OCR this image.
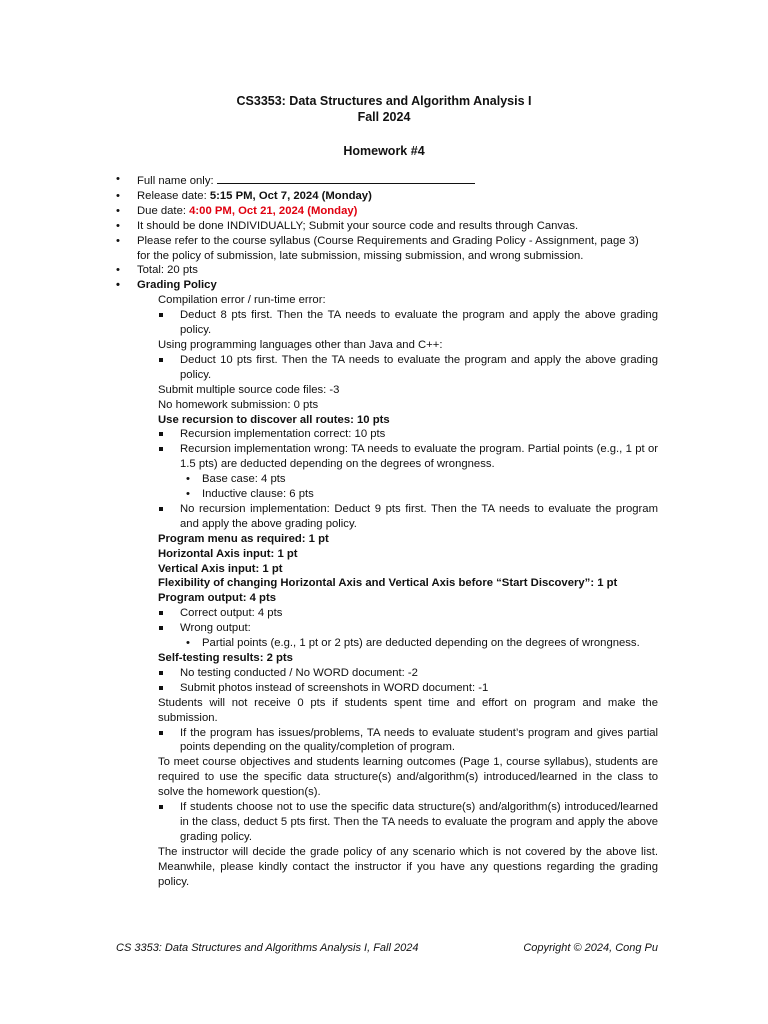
CS3353: Data Structures and Algorithm Analysis I
Fall 2024
Homework #4
• Full name only:
• Release date: 5:15 PM, Oct 7, 2024 (Monday)
• Due date: 4:00 PM, Oct 21, 2024 (Monday)
• It should be done INDIVIDUALLY; Submit your source code and results through Canvas.
• Please refer to the course syllabus (Course Requirements and Grading Policy - Assignment, page 3)
for the policy of submission, late submission, missing submission, and wrong submission.
• Total: 20 pts
• Grading Policy
Compilation error / run-time error:
Deduct 8 pts first. Then the TA needs to evaluate the program and apply the above grading policy.
Using programming languages other than Java and C++:
Deduct 10 pts first. Then the TA needs to evaluate the program and apply the above grading policy.
Submit multiple source code files: -3
No homework submission: 0 pts
Use recursion to discover all routes: 10 pts
Recursion implementation correct: 10 pts
Recursion implementation wrong: TA needs to evaluate the program. Partial points (e.g., 1 pt or 1.5 pts) are deducted depending on the degrees of wrongness.
• Base case: 4 pts
• Inductive clause: 6 pts
No recursion implementation: Deduct 9 pts first. Then the TA needs to evaluate the program and apply the above grading policy.
Program menu as required: 1 pt
Horizontal Axis input: 1 pt
Vertical Axis input: 1 pt
Flexibility of changing Horizontal Axis and Vertical Axis before “Start Discovery”: 1 pt
Program output: 4 pts
Correct output: 4 pts
Wrong output:
• Partial points (e.g., 1 pt or 2 pts) are deducted depending on the degrees of wrongness.
Self-testing results: 2 pts
No testing conducted / No WORD document: -2
Submit photos instead of screenshots in WORD document: -1
Students will not receive 0 pts if students spent time and effort on program and make the submission.
If the program has issues/problems, TA needs to evaluate student’s program and gives partial points depending on the quality/completion of program.
To meet course objectives and students learning outcomes (Page 1, course syllabus), students are required to use the specific data structure(s) and/algorithm(s) introduced/learned in the class to solve the homework question(s).
If students choose not to use the specific data structure(s) and/algorithm(s) introduced/learned in the class, deduct 5 pts first. Then the TA needs to evaluate the program and apply the above grading policy.
The instructor will decide the grade policy of any scenario which is not covered by the above list. Meanwhile, please kindly contact the instructor if you have any questions regarding the grading policy.
CS 3353: Data Structures and Algorithms Analysis I, Fall 2024	Copyright © 2024, Cong Pu
